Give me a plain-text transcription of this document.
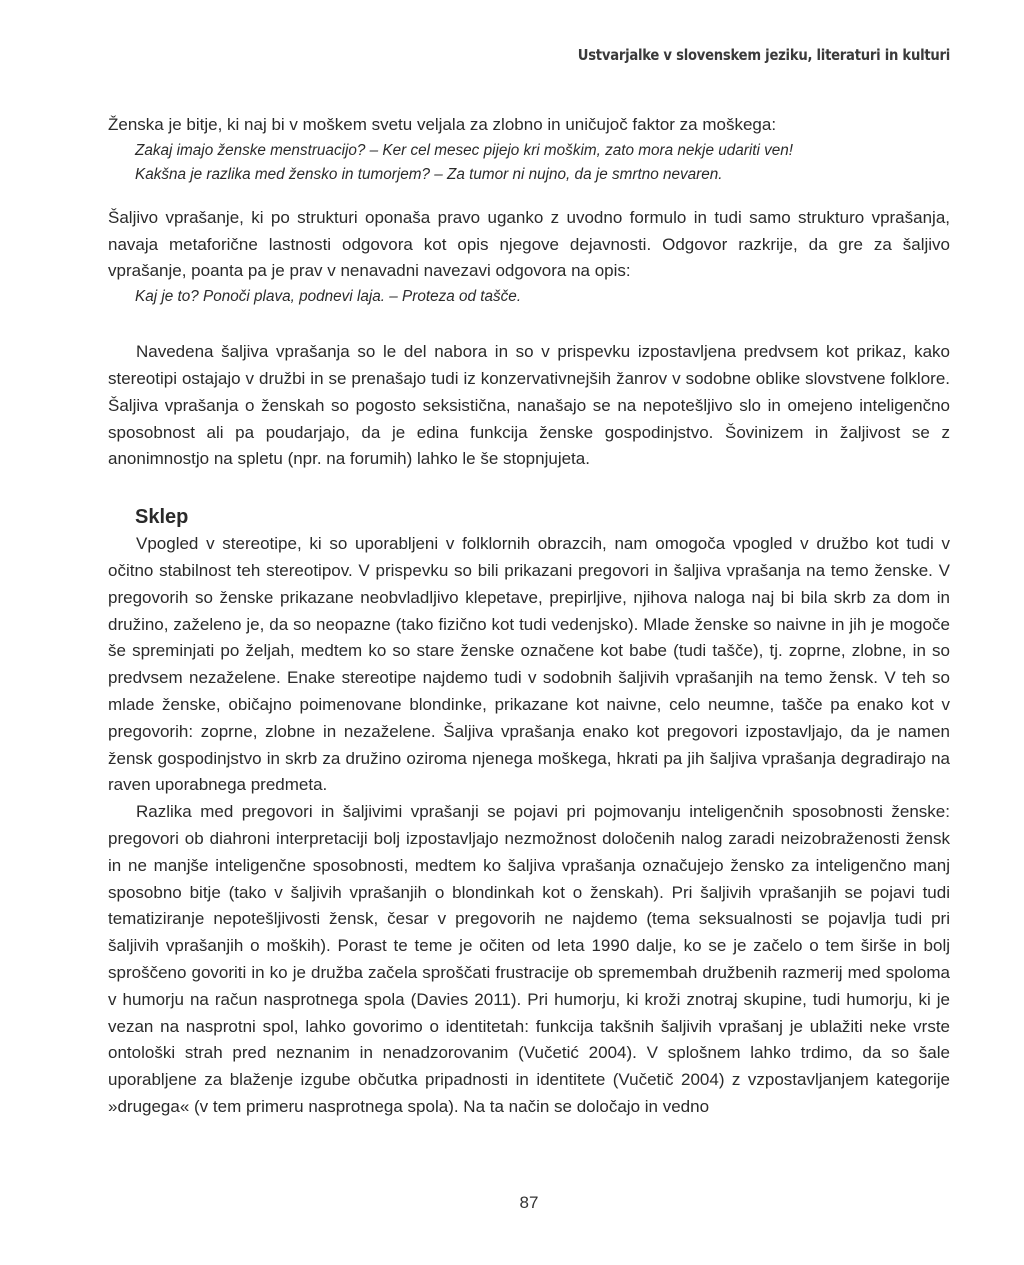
Ustvarjalke v slovenskem jeziku, literaturi in kulturi

Ženska je bitje, ki naj bi v moškem svetu veljala za zlobno in uničujoč faktor za moškega:

Zakaj imajo ženske menstruacijo? – Ker cel mesec pijejo kri moškim, zato mora nekje udariti ven!

Kakšna je razlika med žensko in tumorjem? – Za tumor ni nujno, da je smrtno nevaren.

Šaljivo vprašanje, ki po strukturi oponaša pravo uganko z uvodno formulo in tudi samo strukturo vprašanja, navaja metaforične lastnosti odgovora kot opis njegove dejavnosti. Odgovor razkrije, da gre za šaljivo vprašanje, poanta pa je prav v nenavadni navezavi odgovora na opis:

Kaj je to? Ponoči plava, podnevi laja. – Proteza od tašče.

Navedena šaljiva vprašanja so le del nabora in so v prispevku izpostavljena predvsem kot prikaz, kako stereotipi ostajajo v družbi in se prenašajo tudi iz konzervativnejših žanrov v sodobne oblike slovstvene folklore. Šaljiva vprašanja o ženskah so pogosto seksistična, nanašajo se na nepotešljivo slo in omejeno inteligenčno sposobnost ali pa poudarjajo, da je edina funkcija ženske gospodinjstvo. Šovinizem in žaljivost se z anonimnostjo na spletu (npr. na forumih) lahko le še stopnjujeta.

Sklep

Vpogled v stereotipe, ki so uporabljeni v folklornih obrazcih, nam omogoča vpogled v družbo kot tudi v očitno stabilnost teh stereotipov. V prispevku so bili prikazani pregovori in šaljiva vprašanja na temo ženske. V pregovorih so ženske prikazane neobvladljivo klepetave, prepirljive, njihova naloga naj bi bila skrb za dom in družino, zaželeno je, da so neopazne (tako fizično kot tudi vedenjsko). Mlade ženske so naivne in jih je mogoče še spreminjati po željah, medtem ko so stare ženske označene kot babe (tudi tašče), tj. zoprne, zlobne, in so predvsem nezaželene. Enake stereotipe najdemo tudi v sodobnih šaljivih vprašanjih na temo žensk. V teh so mlade ženske, običajno poimenovane blondinke, prikazane kot naivne, celo neumne, tašče pa enako kot v pregovorih: zoprne, zlobne in nezaželene. Šaljiva vprašanja enako kot pregovori izpostavljajo, da je namen žensk gospodinjstvo in skrb za družino oziroma njenega moškega, hkrati pa jih šaljiva vprašanja degradirajo na raven uporabnega predmeta.

Razlika med pregovori in šaljivimi vprašanji se pojavi pri pojmovanju inteligenčnih sposobnosti ženske: pregovori ob diahroni interpretaciji bolj izpostavljajo nezmožnost določenih nalog zaradi neizobraženosti žensk in ne manjše inteligenčne sposobnosti, medtem ko šaljiva vprašanja označujejo žensko za inteligenčno manj sposobno bitje (tako v šaljivih vprašanjih o blondinkah kot o ženskah). Pri šaljivih vprašanjih se pojavi tudi tematiziranje nepotešljivosti žensk, česar v pregovorih ne najdemo (tema seksualnosti se pojavlja tudi pri šaljivih vprašanjih o moških). Porast te teme je očiten od leta 1990 dalje, ko se je začelo o tem širše in bolj sproščeno govoriti in ko je družba začela sproščati frustracije ob spremembah družbenih razmerij med spoloma v humorju na račun nasprotnega spola (Davies 2011). Pri humorju, ki kroži znotraj skupine, tudi humorju, ki je vezan na nasprotni spol, lahko govorimo o identitetah: funkcija takšnih šaljivih vprašanj je ublažiti neke vrste ontološki strah pred neznanim in nenadzorovanim (Vučetić 2004). V splošnem lahko trdimo, da so šale uporabljene za blaženje izgube občutka pripadnosti in identitete (Vučetič 2004) z vzpostavljanjem kategorije »drugega« (v tem primeru nasprotnega spola). Na ta način se določajo in vedno

87
